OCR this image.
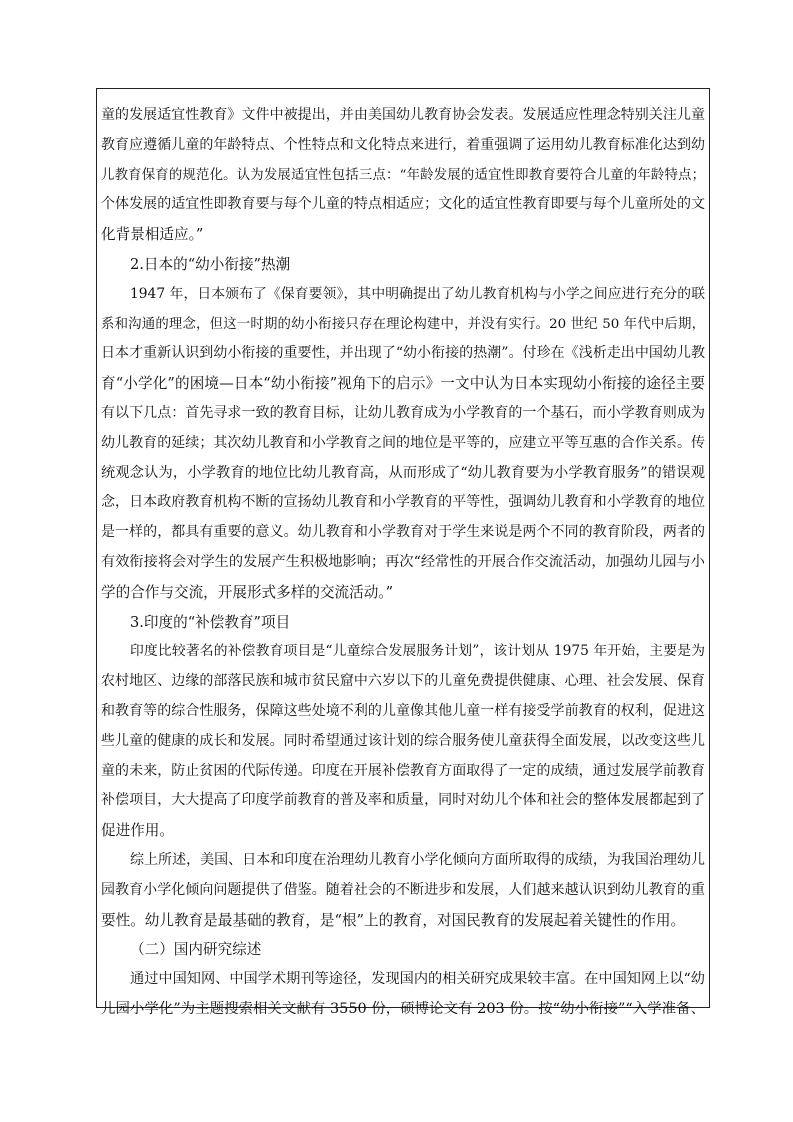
童的发展适宜性教育》文件中被提出，并由美国幼儿教育协会发表。发展适应性理念特别关注儿童
教育应遵循儿童的年龄特点、个性特点和文化特点来进行，着重强调了运用幼儿教育标准化达到幼
儿教育保育的规范化。认为发展适宜性包括三点：“年龄发展的适宜性即教育要符合儿童的年龄特点；
个体发展的适宜性即教育要与每个儿童的特点相适应；文化的适宜性教育即要与每个儿童所处的文
化背景相适应。”
2.日本的“幼小衔接”热潮
1947 年，日本颁布了《保育要领》，其中明确提出了幼儿教育机构与小学之间应进行充分的联
系和沟通的理念，但这一时期的幼小衔接只存在理论构建中，并没有实行。20 世纪 50 年代中后期，
日本才重新认识到幼小衔接的重要性，并出现了“幼小衔接的热潮”。付珍在《浅析走出中国幼儿教
育“小学化”的困境—日本“幼小衔接”视角下的启示》一文中认为日本实现幼小衔接的途径主要
有以下几点：首先寻求一致的教育目标，让幼儿教育成为小学教育的一个基石，而小学教育则成为
幼儿教育的延续；其次幼儿教育和小学教育之间的地位是平等的，应建立平等互惠的合作关系。传
统观念认为，小学教育的地位比幼儿教育高，从而形成了“幼儿教育要为小学教育服务”的错误观
念，日本政府教育机构不断的宣扬幼儿教育和小学教育的平等性，强调幼儿教育和小学教育的地位
是一样的，都具有重要的意义。幼儿教育和小学教育对于学生来说是两个不同的教育阶段，两者的
有效衔接将会对学生的发展产生积极地影响；再次“经常性的开展合作交流活动，加强幼儿园与小
学的合作与交流，开展形式多样的交流活动。”
3.印度的“补偿教育”项目
印度比较著名的补偿教育项目是“儿童综合发展服务计划”，该计划从 1975 年开始，主要是为
农村地区、边缘的部落民族和城市贫民窟中六岁以下的儿童免费提供健康、心理、社会发展、保育
和教育等的综合性服务，保障这些处境不利的儿童像其他儿童一样有接受学前教育的权利，促进这
些儿童的健康的成长和发展。同时希望通过该计划的综合服务使儿童获得全面发展，以改变这些儿
童的未来，防止贫困的代际传递。印度在开展补偿教育方面取得了一定的成绩，通过发展学前教育
补偿项目，大大提高了印度学前教育的普及率和质量，同时对幼儿个体和社会的整体发展都起到了
促进作用。
综上所述，美国、日本和印度在治理幼儿教育小学化倾向方面所取得的成绩，为我国治理幼儿
园教育小学化倾向问题提供了借鉴。随着社会的不断进步和发展，人们越来越认识到幼儿教育的重
要性。幼儿教育是最基础的教育，是“根”上的教育，对国民教育的发展起着关键性的作用。
（二）国内研究综述
通过中国知网、中国学术期刊等途径，发现国内的相关研究成果较丰富。在中国知网上以“幼
儿园小学化”为主题搜索相关文献有 3550 份，硕博论文有 203 份。按“幼小衔接”“入学准备、
